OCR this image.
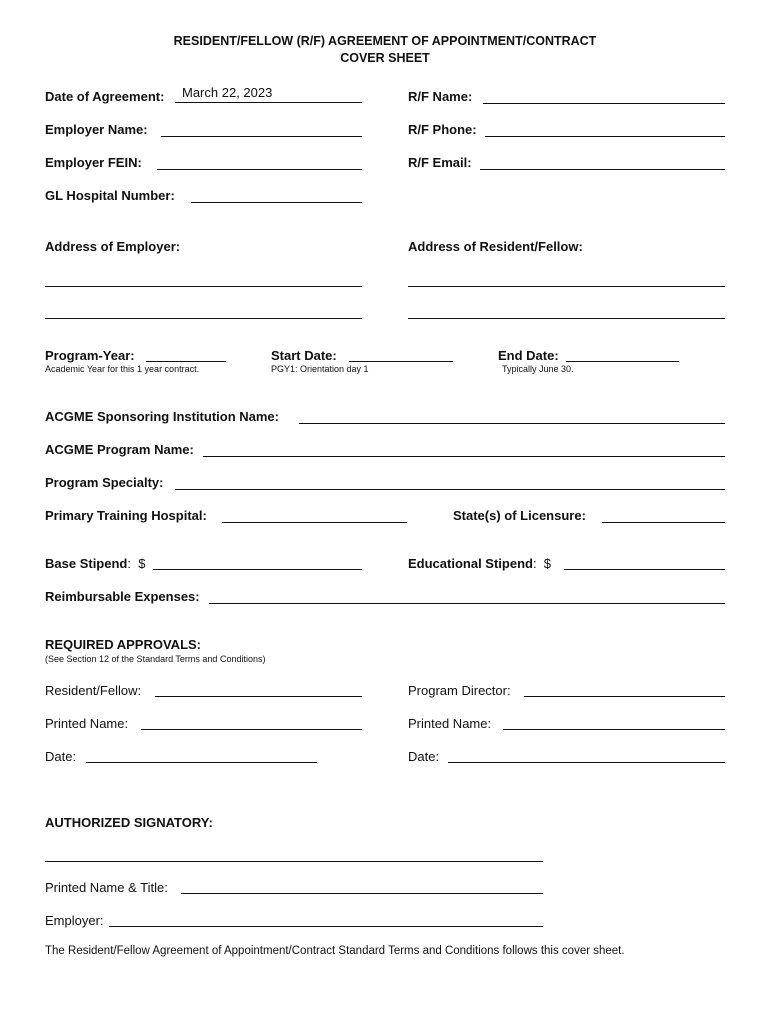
RESIDENT/FELLOW (R/F) AGREEMENT OF APPOINTMENT/CONTRACT
COVER SHEET
Date of Agreement:	March 22, 2023	R/F Name:
Employer Name:	R/F Phone:
Employer FEIN:	R/F Email:
GL Hospital Number:
Address of Employer:	Address of Resident/Fellow:
Program-Year:
Academic Year for this 1 year contract.
Start Date:
PGY1: Orientation day 1
End Date:
Typically June 30.
ACGME Sponsoring Institution Name:
ACGME Program Name:
Program Specialty:
Primary Training Hospital:	State(s) of Licensure:
Base Stipend:  $	Educational Stipend:  $
Reimbursable Expenses:
REQUIRED APPROVALS:
(See Section 12 of the Standard Terms and Conditions)
Resident/Fellow:	Program Director:
Printed Name:	Printed Name:
Date:	Date:
AUTHORIZED SIGNATORY:
Printed Name & Title:
Employer:
The Resident/Fellow Agreement of Appointment/Contract Standard Terms and Conditions follows this cover sheet.
